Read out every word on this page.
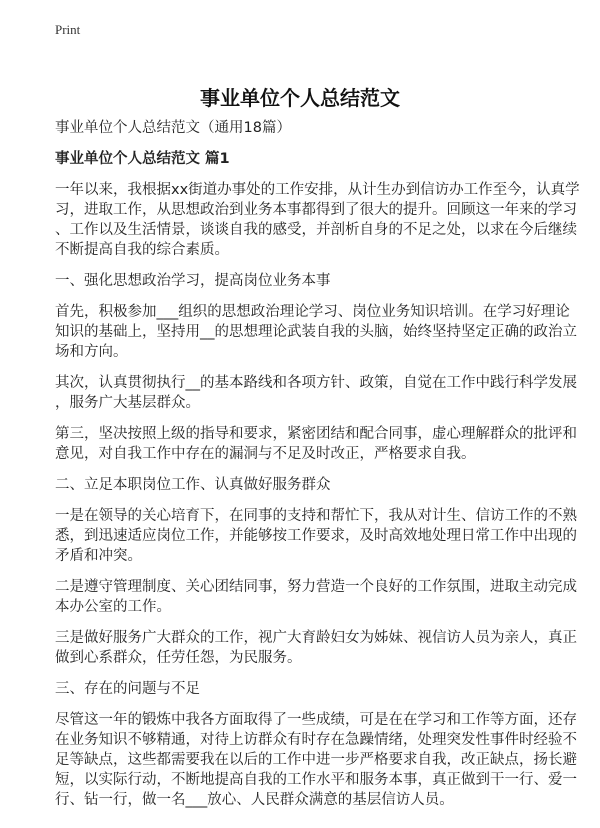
Print
事业单位个人总结范文
事业单位个人总结范文（通用18篇）
事业单位个人总结范文 篇1
一年以来，我根据xx街道办事处的工作安排，从计生办到信访办工作至今，认真学
习，进取工作，从思想政治到业务本事都得到了很大的提升。回顾这一年来的学习
、工作以及生活情景，谈谈自我的感受，并剖析自身的不足之处，以求在今后继续
不断提高自我的综合素质。
一、强化思想政治学习，提高岗位业务本事
首先，积极参加___组织的思想政治理论学习、岗位业务知识培训。在学习好理论
知识的基础上，坚持用__的思想理论武装自我的头脑，始终坚持坚定正确的政治立
场和方向。
其次，认真贯彻执行__的基本路线和各项方针、政策，自觉在工作中践行科学发展
，服务广大基层群众。
第三，坚决按照上级的指导和要求，紧密团结和配合同事，虚心理解群众的批评和
意见，对自我工作中存在的漏洞与不足及时改正，严格要求自我。
二、立足本职岗位工作、认真做好服务群众
一是在领导的关心培育下，在同事的支持和帮忙下，我从对计生、信访工作的不熟
悉，到迅速适应岗位工作，并能够按工作要求，及时高效地处理日常工作中出现的
矛盾和冲突。
二是遵守管理制度、关心团结同事，努力营造一个良好的工作氛围，进取主动完成
本办公室的工作。
三是做好服务广大群众的工作，视广大育龄妇女为姊妹、视信访人员为亲人，真正
做到心系群众，任劳任怨，为民服务。
三、存在的问题与不足
尽管这一年的锻炼中我各方面取得了一些成绩，可是在在学习和工作等方面，还存
在业务知识不够精通，对待上访群众有时存在急躁情绪，处理突发性事件时经验不
足等缺点，这些都需要我在以后的工作中进一步严格要求自我，改正缺点，扬长避
短，以实际行动，不断地提高自我的工作水平和服务本事，真正做到干一行、爱一
行、钻一行，做一名___放心、人民群众满意的基层信访人员。
